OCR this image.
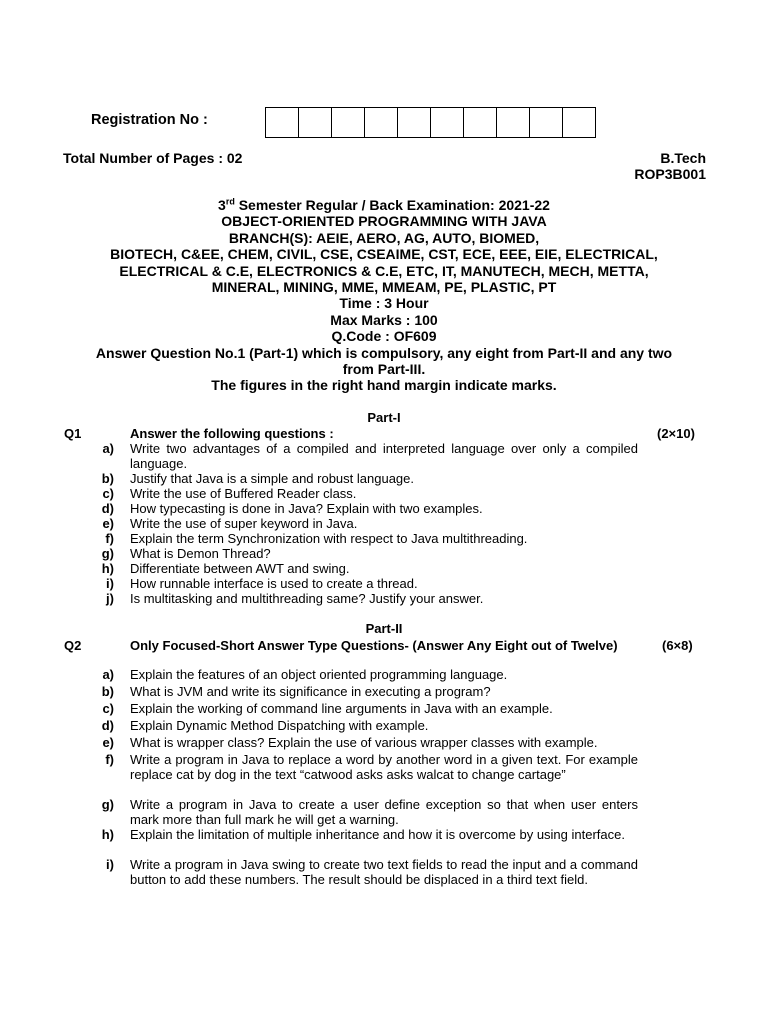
Registration No :
Total Number of Pages : 02	B.Tech
ROP3B001
3rd Semester Regular / Back Examination: 2021-22
OBJECT-ORIENTED PROGRAMMING WITH JAVA
BRANCH(S): AEIE, AERO, AG, AUTO, BIOMED,
BIOTECH, C&EE, CHEM, CIVIL, CSE, CSEAIME, CST, ECE, EEE, EIE, ELECTRICAL,
ELECTRICAL & C.E, ELECTRONICS & C.E, ETC, IT, MANUTECH, MECH, METTA,
MINERAL, MINING, MME, MMEAM, PE, PLASTIC, PT
Time : 3 Hour
Max Marks : 100
Q.Code : OF609
Answer Question No.1 (Part-1) which is compulsory, any eight from Part-II and any two
from Part-III.
The figures in the right hand margin indicate marks.
Part-I
Q1	Answer the following questions :	(2×10)
a) Write two advantages of a compiled and interpreted language over only a compiled language.
b) Justify that Java is a simple and robust language.
c) Write the use of Buffered Reader class.
d) How typecasting is done in Java? Explain with two examples.
e) Write the use of super keyword in Java.
f) Explain the term Synchronization with respect to Java multithreading.
g) What is Demon Thread?
h) Differentiate between AWT and swing.
i) How runnable interface is used to create a thread.
j) Is multitasking and multithreading same? Justify your answer.
Part-II
Q2	Only Focused-Short Answer Type Questions- (Answer Any Eight out of Twelve)	(6×8)
a) Explain the features of an object oriented programming language.
b) What is JVM and write its significance in executing a program?
c) Explain the working of command line arguments in Java with an example.
d) Explain Dynamic Method Dispatching with example.
e) What is wrapper class? Explain the use of various wrapper classes with example.
f) Write a program in Java to replace a word by another word in a given text. For example replace cat by dog in the text “catwood asks asks walcat to change cartage”
g) Write a program in Java to create a user define exception so that when user enters mark more than full mark he will get a warning.
h) Explain the limitation of multiple inheritance and how it is overcome by using interface.
i) Write a program in Java swing to create two text fields to read the input and a command button to add these numbers. The result should be displaced in a third text field.
